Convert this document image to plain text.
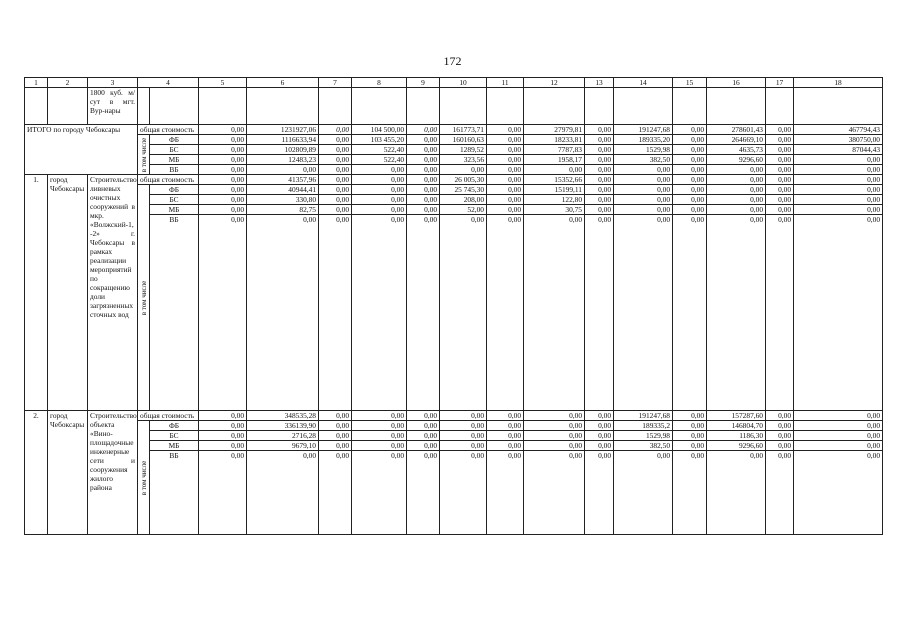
172
1	2	3	4		5	6	7	8	9	10	11	12	13	14	15	16	17	18
		1800 куб. м/сут в мгт. Вур-нары																
ИТОГО по городу Чебоксары			общая стоимость		0,00	1231927,06	0,00	104 500,00	0,00	161773,71	0,00	27979,81	0,00	191247,68	0,00	278601,43	0,00	467794,43

			в том числе	ФБ	0,00	1116633,94	0,00	103 455,20	0,00	160160,63	0,00	18233,81	0,00	189335,20	0,00	264669,10	0,00	380750,00
				БС	0,00	102809,89	0,00	522,40	0,00	1289,52	0,00	7787,83	0,00	1529,98	0,00	4635,73	0,00	87044,43
				МБ	0,00	12483,23	0,00	522,40	0,00	323,56	0,00	1958,17	0,00	382,50	0,00	9296,60	0,00	0,00
				ВБ	0,00	0,00	0,00	0,00	0,00	0,00	0,00	0,00	0,00	0,00	0,00	0,00	0,00	0,00
1.	город Чебоксары	Строительство ливневых очистных сооружений в мкр. «Волжский-1, -2» г. Чебоксары в рамках реализации мероприятий по сокращению доли загрязненных сточных вод	общая стоимость		0,00	41357,96	0,00	0,00	0,00	26 005,30	0,00	15352,66	0,00	0,00	0,00	0,00	0,00	0,00

			в том числе	ФБ	0,00	40944,41	0,00	0,00	0,00	25 745,30	0,00	15199,11	0,00	0,00	0,00	0,00	0,00	0,00
				БС	0,00	330,80	0,00	0,00	0,00	208,00	0,00	122,80	0,00	0,00	0,00	0,00	0,00	0,00
				МБ	0,00	82,75	0,00	0,00	0,00	52,00	0,00	30,75	0,00	0,00	0,00	0,00	0,00	0,00
				ВБ	0,00	0,00	0,00	0,00	0,00	0,00	0,00	0,00	0,00	0,00	0,00	0,00	0,00	0,00
2.	город Чебоксары	Строительство объекта «Вино-площадочные инженерные сети и сооружения жилого района	общая стоимость		0,00	348535,28	0,00	0,00	0,00	0,00	0,00	0,00	0,00	191247,68	0,00	157287,60	0,00	0,00

			в том числе	ФБ	0,00	336139,90	0,00	0,00	0,00	0,00	0,00	0,00	0,00	189335,2	0,00	146804,70	0,00	0,00
				БС	0,00	2716,28	0,00	0,00	0,00	0,00	0,00	0,00	0,00	1529,98	0,00	1186,30	0,00	0,00
				МБ	0,00	9679,10	0,00	0,00	0,00	0,00	0,00	0,00	0,00	382,50	0,00	9296,60	0,00	0,00
				ВБ	0,00	0,00	0,00	0,00	0,00	0,00	0,00	0,00	0,00	0,00	0,00	0,00	0,00	0,00
